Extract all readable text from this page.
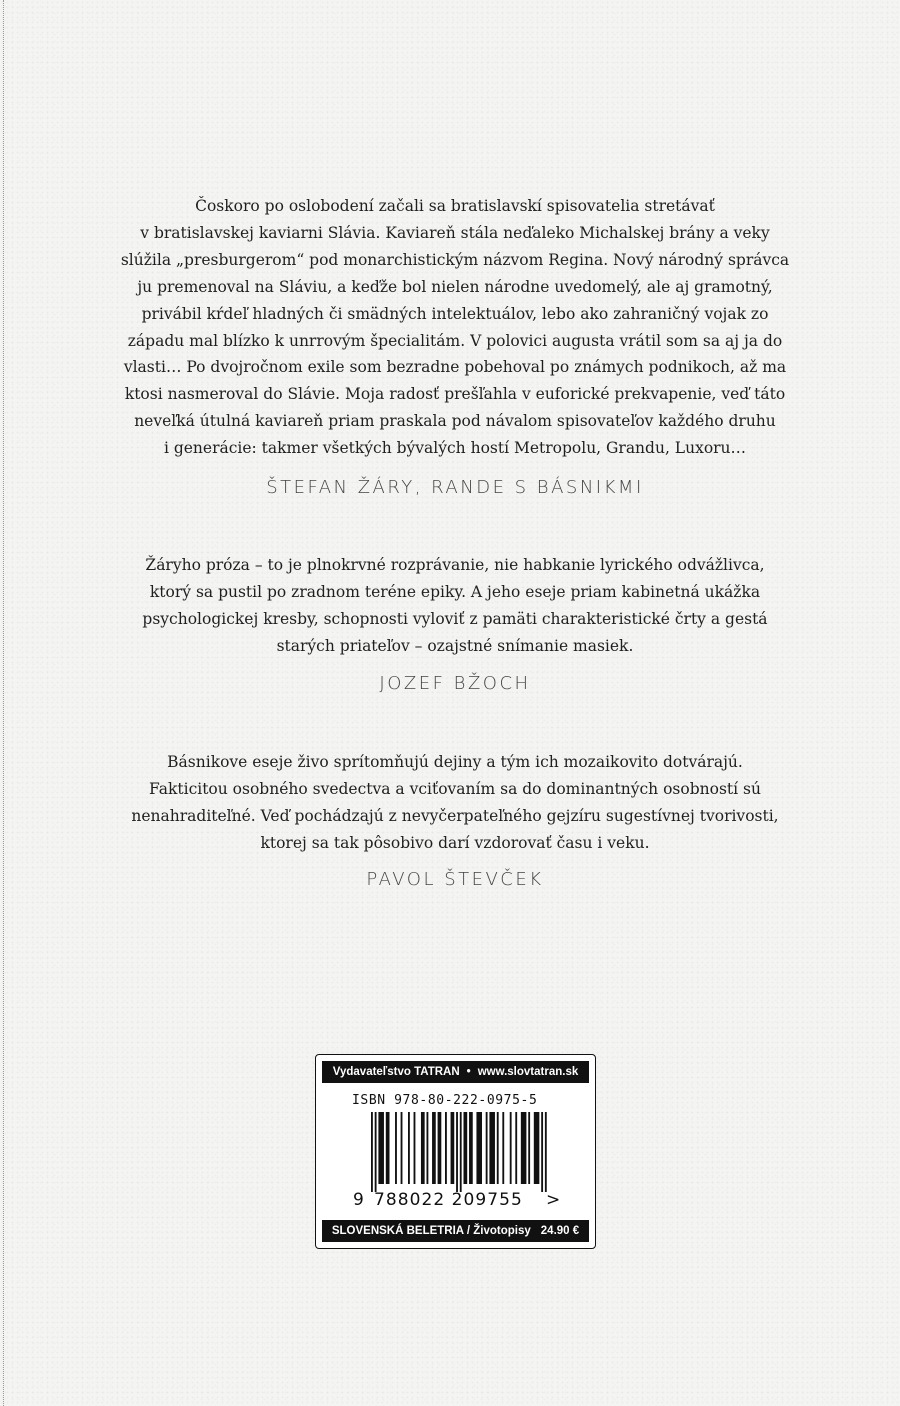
Čoskoro po oslobodení začali sa bratislavskí spisovatelia stretávať
v bratislavskej kaviarni Slávia. Kaviareň stála neďaleko Michalskej brány a veky
slúžila „presburgerom“ pod monarchistickým názvom Regina. Nový národný správca
ju premenoval na Sláviu, a keďže bol nielen národne uvedomelý, ale aj gramotný,
privábil kŕdeľ hladných či smädných intelektuálov, lebo ako zahraničný vojak zo
západu mal blízko k unrrovým špecialitám. V polovici augusta vrátil som sa aj ja do
vlasti… Po dvojročnom exile som bezradne pobehoval po známych podnikoch, až ma
ktosi nasmeroval do Slávie. Moja radosť prešľahla v euforické prekvapenie, veď táto
neveľká útulná kaviareň priam praskala pod návalom spisovateľov každého druhu
i generácie: takmer všetkých bývalých hostí Metropolu, Grandu, Luxoru…

ŠTEFAN ŽÁRY, RANDE S BÁSNIKMI

Žáryho próza – to je plnokrvné rozprávanie, nie habkanie lyrického odvážlivca,
ktorý sa pustil po zradnom teréne epiky. A jeho eseje priam kabinetná ukážka
psychologickej kresby, schopnosti vyloviť z pamäti charakteristické črty a gestá
starých priateľov – ozajstné snímanie masiek.

JOZEF BŽOCH

Básnikove eseje živo sprítomňujú dejiny a tým ich mozaikovito dotvárajú.
Fakticitou osobného svedectva a vciťovaním sa do dominantných osobností sú
nenahraditeľné. Veď pochádzajú z nevyčerpateľného gejzíru sugestívnej tvorivosti,
ktorej sa tak pôsobivo darí vzdorovať času i veku.

PAVOL ŠTEVČEK
Vydavateľstvo TATRAN • www.slovtatran.sk
ISBN 978-80-222-0975-5
9 788022 209755 >
SLOVENSKÁ BELETRIA / Životopisy 24.90 €
